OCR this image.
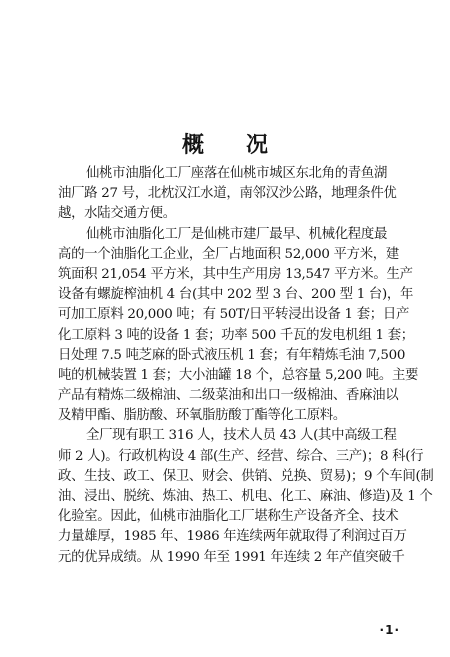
概 况
仙桃市油脂化工厂座落在仙桃市城区东北角的青鱼湖
油厂路 27 号，北枕汉江水道，南邻汉沙公路，地理条件优
越，水陆交通方便。
仙桃市油脂化工厂是仙桃市建厂最早、机械化程度最
高的一个油脂化工企业，全厂占地面积 52,000 平方米，建
筑面积 21,054 平方米，其中生产用房 13,547 平方米。生产
设备有螺旋榨油机 4 台(其中 202 型 3 台、200 型 1 台)，年
可加工原料 20,000 吨；有 50T/日平转浸出设备 1 套；日产
化工原料 3 吨的设备 1 套；功率 500 千瓦的发电机组 1 套；
日处理 7.5 吨芝麻的卧式液压机 1 套；有年精炼毛油 7,500
吨的机械装置 1 套；大小油罐 18 个，总容量 5,200 吨。主要
产品有精炼二级棉油、二级菜油和出口一级棉油、香麻油以
及精甲酯、脂肪酸、环氧脂肪酸丁酯等化工原料。
全厂现有职工 316 人，技术人员 43 人(其中高级工程
师 2 人)。行政机构设 4 部(生产、经营、综合、三产)；8 科(行
政、生技、政工、保卫、财会、供销、兑换、贸易)；9 个车间(制
油、浸出、脱统、炼油、热工、机电、化工、麻油、修造)及 1 个
化验室。因此，仙桃市油脂化工厂堪称生产设备齐全、技术
力量雄厚，1985 年、1986 年连续两年就取得了利润过百万
元的优异成绩。从 1990 年至 1991 年连续 2 年产值突破千
·1·
